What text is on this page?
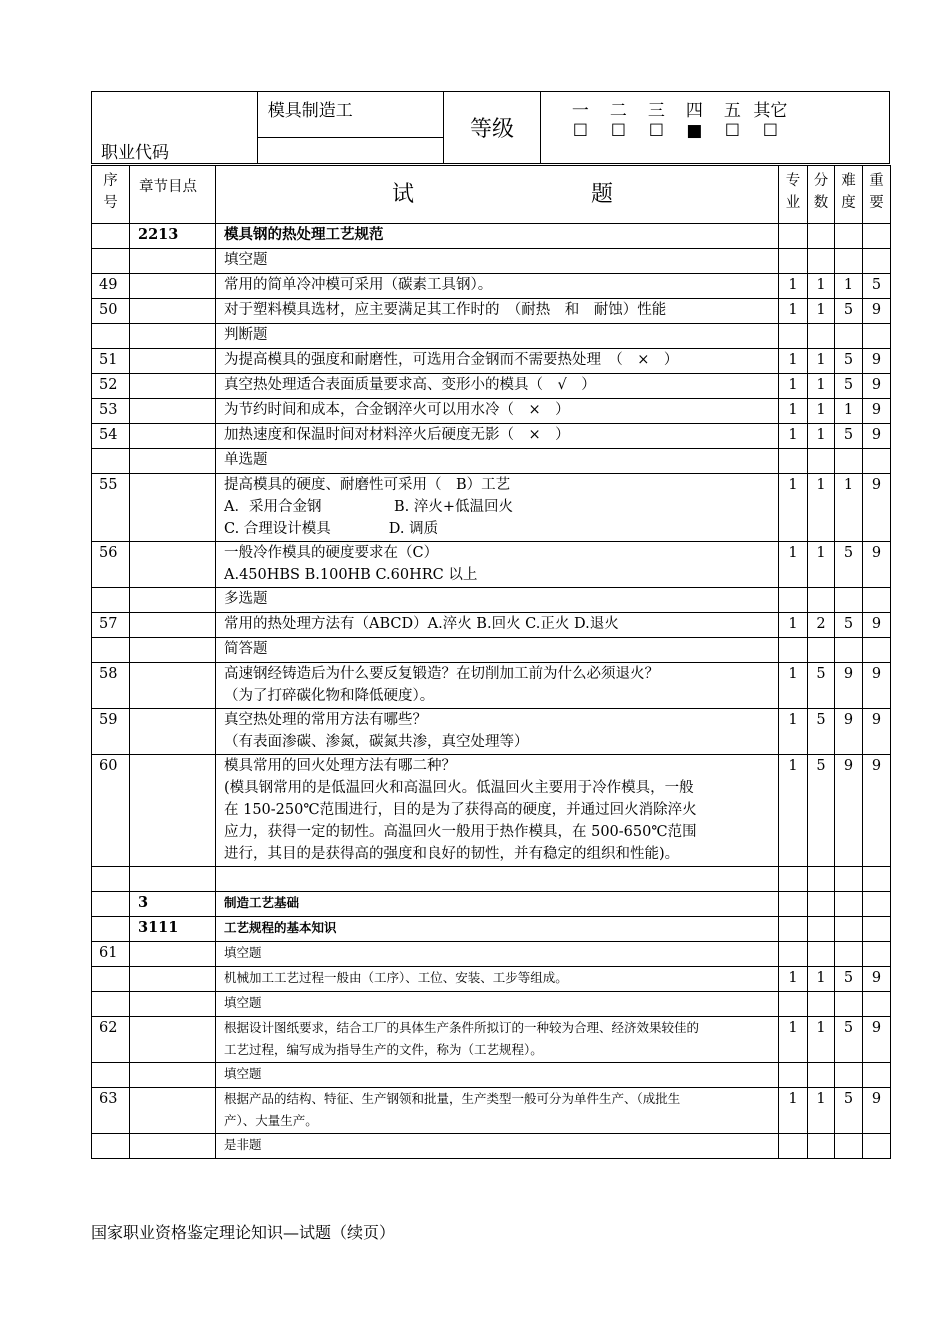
职业代码
	模具制造工	等级	
一 二 三 四 五 其它
☐ ☐ ☐ ■ ☐ ☐

序号	章节目点	试 题	专业	分数	难度	重要
	2213	模具钢的热处理工艺规范				

		填空题				

49		常用的简单冷冲模可采用（碳素工具钢）。	1	1	1	5
50		对于塑料模具选材，应主要满足其工作时的　（耐热　和　耐蚀）性能	1	1	5	9

		判断题				

51		为提高模具的强度和耐磨性，可选用合金钢而不需要热处理　（　×　）	1	1	5	9
52		真空热处理适合表面质量要求高、变形小的模具（　√　）	1	1	5	9
53		为节约时间和成本，合金钢淬火可以用水冷（　×　）	1	1	1	9
54		加热速度和保温时间对材料淬火后硬度无影（　×　）	1	1	5	9

		单选题				

55		提高模具的硬度、耐磨性可采用（　B）工艺
A．采用合金钢　　　　　B. 淬火+低温回火
C. 合理设计模具　　　　D. 调质	1	1	1	9
56		一般冷作模具的硬度要求在（C）
A.450HBS B.100HB C.60HRC 以上	1	1	5	9

		多选题				

57		常用的热处理方法有（ABCD）A.淬火 B.回火 C.正火 D.退火	1	2	5	9

		简答题				

58		高速钢经铸造后为什么要反复锻造？在切削加工前为什么必须退火？
（为了打碎碳化物和降低硬度）。	1	5	9	9
59		真空热处理的常用方法有哪些？
（有表面渗碳、渗氮，碳氮共渗，真空处理等）	1	5	9	9
60		模具常用的回火处理方法有哪二种？
(模具钢常用的是低温回火和高温回火。低温回火主要用于冷作模具，一般
在 150-250℃范围进行，目的是为了获得高的硬度，并通过回火消除淬火
应力，获得一定的韧性。高温回火一般用于热作模具，在 500-650℃范围
进行，其目的是获得高的强度和良好的韧性，并有稳定的组织和性能)。	1	5	9	9

	3	制造工艺基础				

	3111	工艺规程的基本知识				

61		填空题				

		机械加工工艺过程一般由（工序）、工位、安装、工步等组成。	1	1	5	9

		填空题				

62		根据设计图纸要求，结合工厂的具体生产条件所拟订的一种较为合理、经济效果较佳的
工艺过程，编写成为指导生产的文件，称为（工艺规程）。	1	1	5	9

		填空题				

63		根据产品的结构、特征、生产钢领和批量，生产类型一般可分为单件生产、（成批生
产）、大量生产。	1	1	5	9

		是非题				

国家职业资格鉴定理论知识—试题（续页）
